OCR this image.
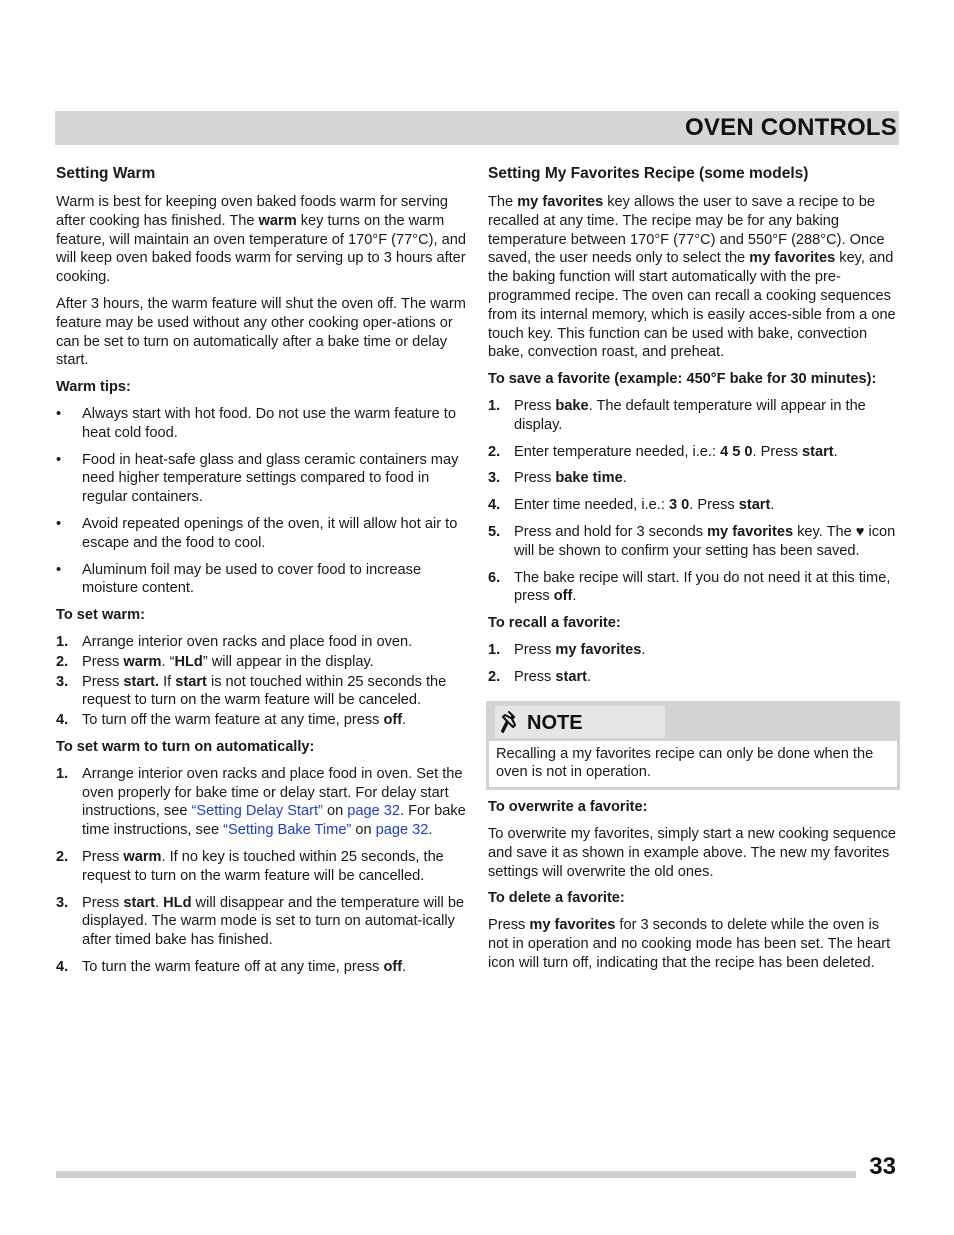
OVEN CONTROLS
Setting Warm

Warm is best for keeping oven baked foods warm for serving after cooking has finished. The warm key turns on the warm feature, will maintain an oven temperature of 170°F (77°C), and will keep oven baked foods warm for serving up to 3 hours after cooking.

After 3 hours, the warm feature will shut the oven off. The warm feature may be used without any other cooking oper-ations or can be set to turn on automatically after a bake time or delay start.

Warm tips:
• Always start with hot food. Do not use the warm feature to heat cold food.
• Food in heat-safe glass and glass ceramic containers may need higher temperature settings compared to food in regular containers.
• Avoid repeated openings of the oven, it will allow hot air to escape and the food to cool.
• Aluminum foil may be used to cover food to increase moisture content.
To set warm:
1. Arrange interior oven racks and place food in oven.
2. Press warm. “HLd” will appear in the display.
3. Press start. If start is not touched within 25 seconds the request to turn on the warm feature will be canceled.
4. To turn off the warm feature at any time, press off.
To set warm to turn on automatically:
1. Arrange interior oven racks and place food in oven. Set the oven properly for bake time or delay start. For delay start instructions, see “Setting Delay Start” on page 32. For bake time instructions, see “Setting Bake Time” on page 32.
2. Press warm. If no key is touched within 25 seconds, the request to turn on the warm feature will be cancelled.
3. Press start. HLd will disappear and the temperature will be displayed. The warm mode is set to turn on automat-ically after timed bake has finished.
4. To turn the warm feature off at any time, press off.
Setting My Favorites Recipe (some models)

The my favorites key allows the user to save a recipe to be recalled at any time. The recipe may be for any baking temperature between 170°F (77°C) and 550°F (288°C). Once saved, the user needs only to select the my favorites key, and the baking function will start automatically with the pre-programmed recipe. The oven can recall a cooking sequences from its internal memory, which is easily acces-sible from a one touch key. This function can be used with bake, convection bake, convection roast, and preheat.

To save a favorite (example: 450°F bake for 30 minutes):
1. Press bake. The default temperature will appear in the display.
2. Enter temperature needed, i.e.: 4 5 0. Press start.
3. Press bake time.
4. Enter time needed, i.e.: 3 0. Press start.
5. Press and hold for 3 seconds my favorites key. The ♥ icon will be shown to confirm your setting has been saved.
6. The bake recipe will start. If you do not need it at this time, press off.
To recall a favorite:
1. Press my favorites.
2. Press start.
NOTE
Recalling a my favorites recipe can only be done when the oven is not in operation.
To overwrite a favorite:

To overwrite my favorites, simply start a new cooking sequence and save it as shown in example above. The new my favorites settings will overwrite the old ones.

To delete a favorite:

Press my favorites for 3 seconds to delete while the oven is not in operation and no cooking mode has been set. The heart icon will turn off, indicating that the recipe has been deleted.

33
